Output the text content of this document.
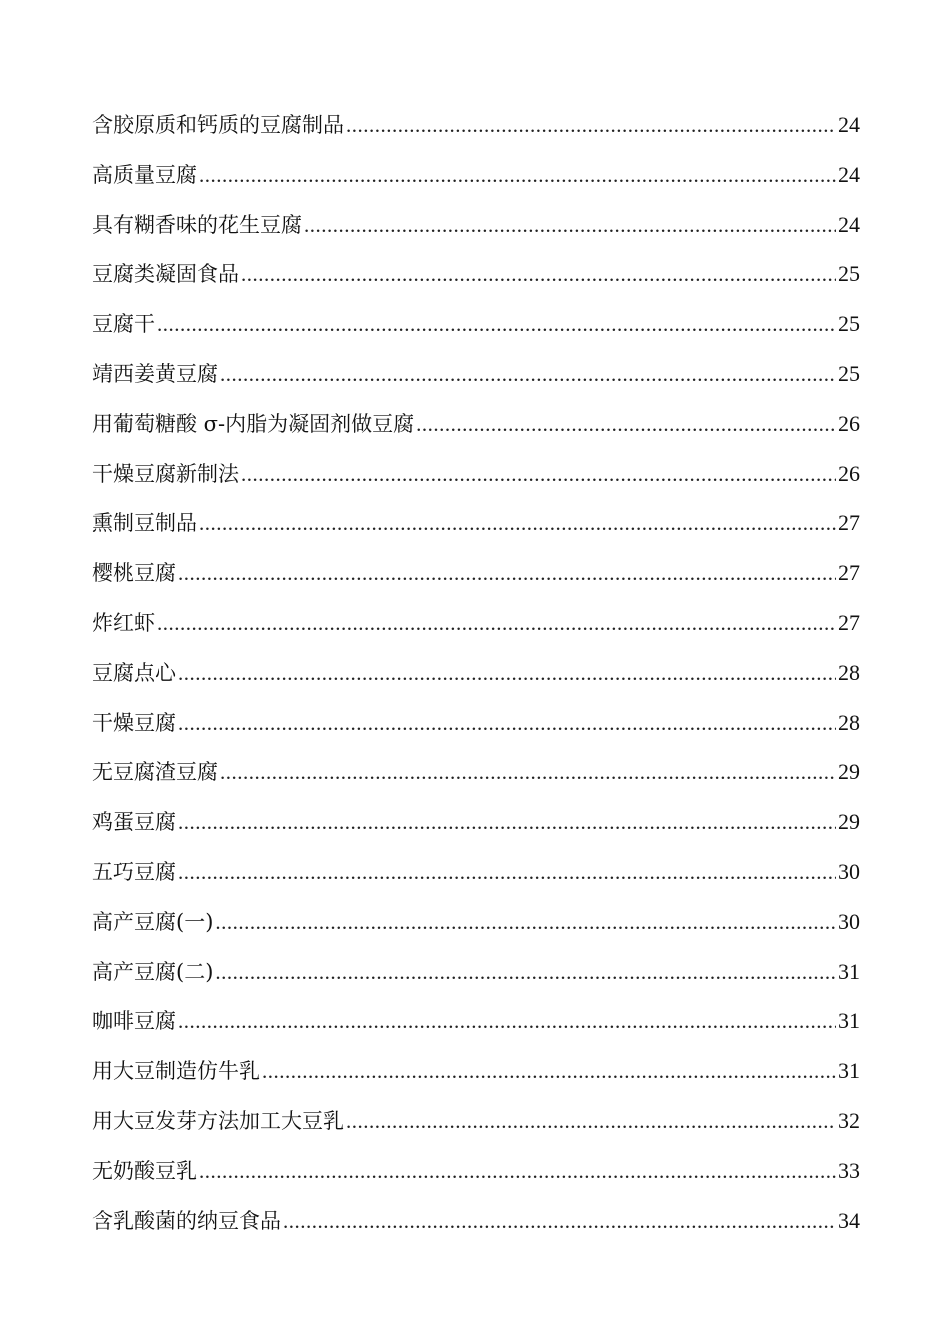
含胶原质和钙质的豆腐制品 .....	24
高质量豆腐 .....	24
具有糊香味的花生豆腐 .....	24
豆腐类凝固食品 .....	25
豆腐干 .....	25
靖西姜黄豆腐 .....	25
用葡萄糖酸 σ-内脂为凝固剂做豆腐 .....	26
干燥豆腐新制法 .....	26
熏制豆制品 .....	27
樱桃豆腐 .....	27
炸红虾 .....	27
豆腐点心 .....	28
干燥豆腐 .....	28
无豆腐渣豆腐 .....	29
鸡蛋豆腐 .....	29
五巧豆腐 .....	30
高产豆腐(一) .....	30
高产豆腐(二) .....	31
咖啡豆腐 .....	31
用大豆制造仿牛乳 .....	31
用大豆发芽方法加工大豆乳 .....	32
无奶酸豆乳 .....	33
含乳酸菌的纳豆食品 .....	34
